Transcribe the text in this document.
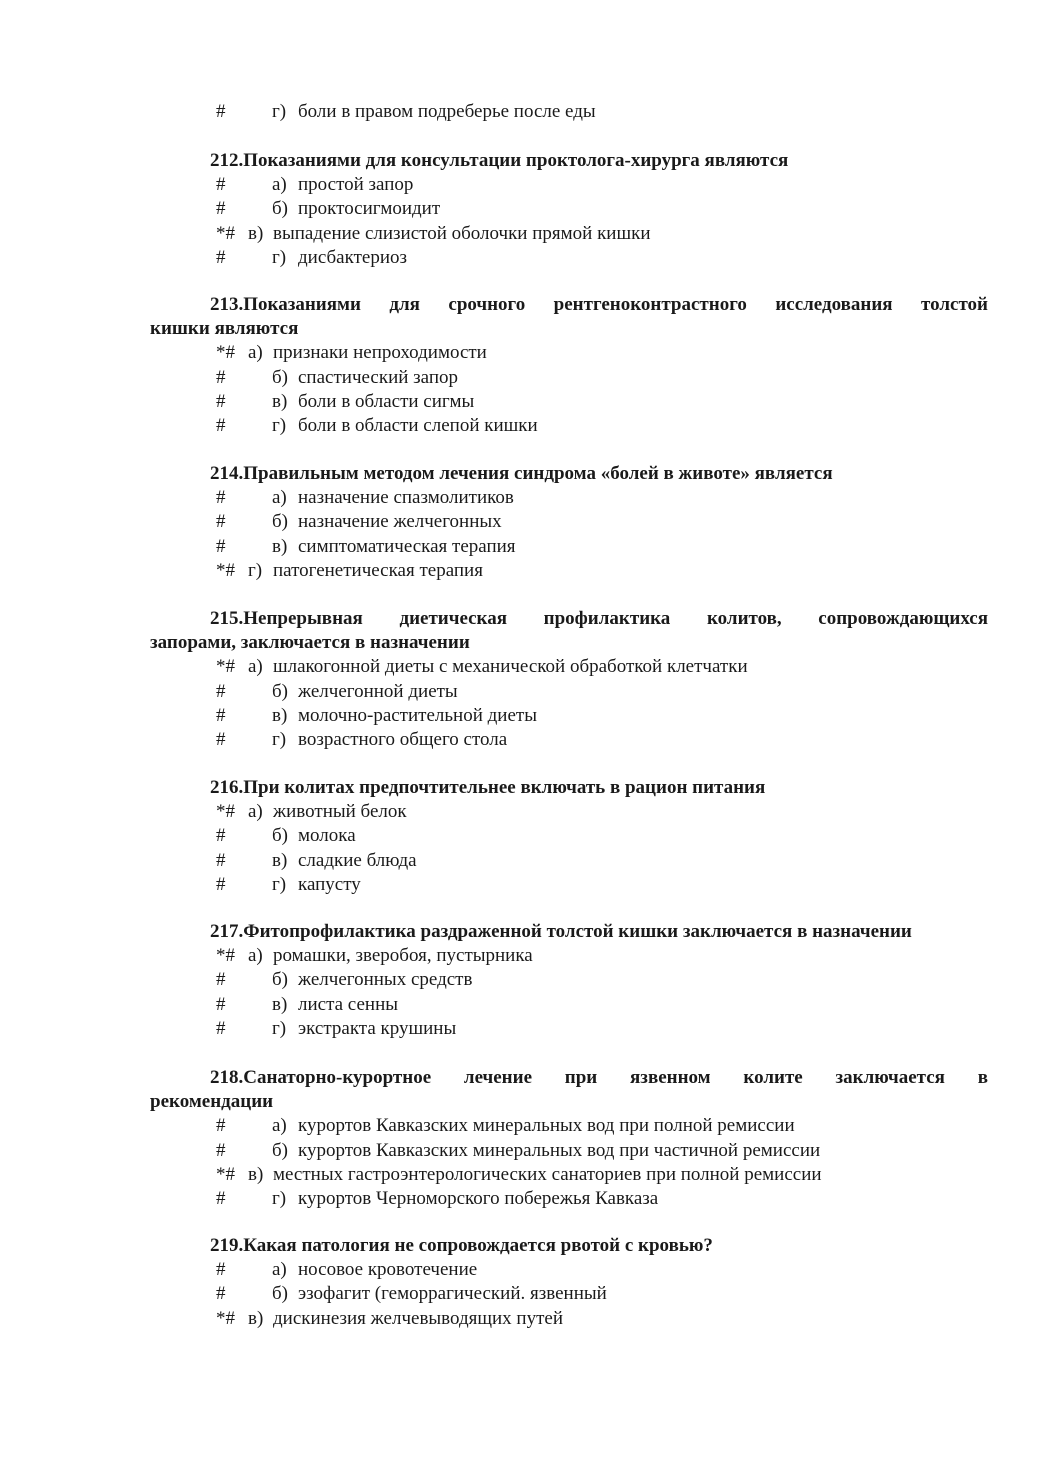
# г) боли в правом подреберье после еды
212.Показаниями для консультации проктолога-хирурга являются
# а) простой запор
# б) проктосигмоидит
*# в) выпадение слизистой оболочки прямой кишки
# г) дисбактериоз
213.Показаниями для срочного рентгеноконтрастного исследования толстой
кишки являются
*# а) признаки непроходимости
# б) спастический запор
# в) боли в области сигмы
# г) боли в области слепой кишки
214.Правильным методом лечения синдрома «болей в животе» является
# а) назначение спазмолитиков
# б) назначение желчегонных
# в) симптоматическая терапия
*# г) патогенетическая терапия
215.Непрерывная диетическая профилактика колитов, сопровождающихся
запорами, заключается в назначении
*# а) шлакогонной диеты с механической обработкой клетчатки
# б) желчегонной диеты
# в) молочно-растительной диеты
# г) возрастного общего стола
216.При колитах предпочтительнее включать в рацион питания
*# а) животный белок
# б) молока
# в) сладкие блюда
# г) капусту
217.Фитопрофилактика раздраженной толстой кишки заключается в назначении
*# а) ромашки, зверобоя, пустырника
# б) желчегонных средств
# в) листа сенны
# г) экстракта крушины
218.Санаторно-курортное лечение при язвенном колите заключается в
рекомендации
# а) курортов Кавказских минеральных вод при полной ремиссии
# б) курортов Кавказских минеральных вод при частичной ремиссии
*# в) местных гастроэнтерологических санаториев при полной ремиссии
# г) курортов Черноморского побережья Кавказа
219.Какая патология не сопровождается рвотой с кровью?
# а) носовое кровотечение
# б) эзофагит (геморрагический. язвенный
*# в) дискинезия желчевыводящих путей
